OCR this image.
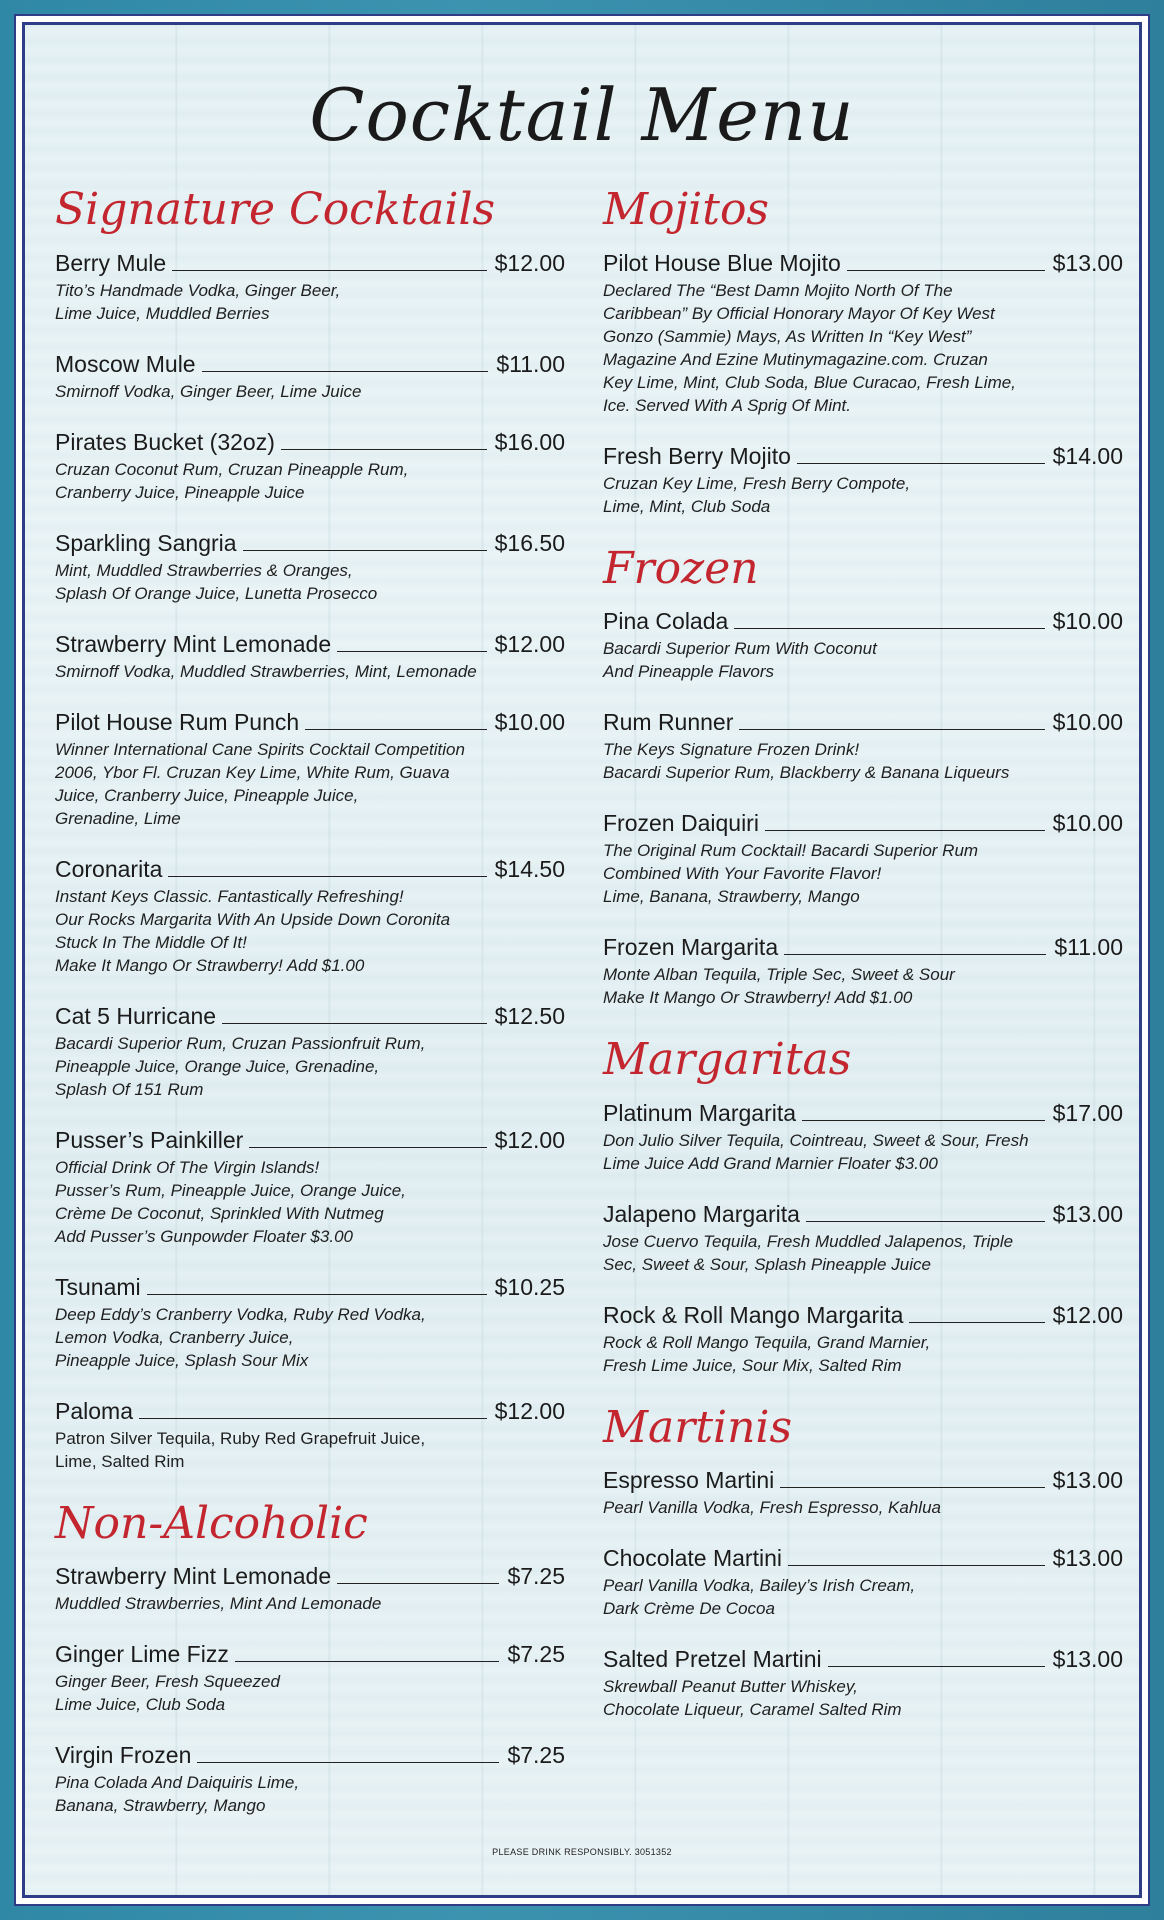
Cocktail Menu
Signature Cocktails
Berry Mule	$12.00
Tito’s Handmade Vodka, Ginger Beer,
Lime Juice, Muddled Berries
Moscow Mule	$11.00
Smirnoff Vodka, Ginger Beer, Lime Juice
Pirates Bucket (32oz)	$16.00
Cruzan Coconut Rum, Cruzan Pineapple Rum,
Cranberry Juice, Pineapple Juice
Sparkling Sangria	$16.50
Mint, Muddled Strawberries & Oranges,
Splash Of Orange Juice, Lunetta Prosecco
Strawberry Mint Lemonade	$12.00
Smirnoff Vodka, Muddled Strawberries, Mint, Lemonade
Pilot House Rum Punch	$10.00
Winner International Cane Spirits Cocktail Competition
2006, Ybor Fl. Cruzan Key Lime, White Rum, Guava
Juice, Cranberry Juice, Pineapple Juice,
Grenadine, Lime
Coronarita	$14.50
Instant Keys Classic. Fantastically Refreshing!
Our Rocks Margarita With An Upside Down Coronita
Stuck In The Middle Of It!
Make It Mango Or Strawberry! Add $1.00
Cat 5 Hurricane	$12.50
Bacardi Superior Rum, Cruzan Passionfruit Rum,
Pineapple Juice, Orange Juice, Grenadine,
Splash Of 151 Rum
Pusser’s Painkiller	$12.00
Official Drink Of The Virgin Islands!
Pusser’s Rum, Pineapple Juice, Orange Juice,
Crème De Coconut, Sprinkled With Nutmeg
Add Pusser’s Gunpowder Floater $3.00
Tsunami	$10.25
Deep Eddy’s Cranberry Vodka, Ruby Red Vodka,
Lemon Vodka, Cranberry Juice,
Pineapple Juice, Splash Sour Mix
Paloma	$12.00
Patron Silver Tequila, Ruby Red Grapefruit Juice,
Lime, Salted Rim
Non-Alcoholic
Strawberry Mint Lemonade	$7.25
Muddled Strawberries, Mint And Lemonade
Ginger Lime Fizz	$7.25
Ginger Beer, Fresh Squeezed
Lime Juice, Club Soda
Virgin Frozen	$7.25
Pina Colada And Daiquiris Lime,
Banana, Strawberry, Mango
Mojitos
Pilot House Blue Mojito	$13.00
Declared The “Best Damn Mojito North Of The
Caribbean” By Official Honorary Mayor Of Key West
Gonzo (Sammie) Mays, As Written In “Key West”
Magazine And Ezine Mutinymagazine.com. Cruzan
Key Lime, Mint, Club Soda, Blue Curacao, Fresh Lime,
Ice. Served With A Sprig Of Mint.
Fresh Berry Mojito	$14.00
Cruzan Key Lime, Fresh Berry Compote,
Lime, Mint, Club Soda
Frozen
Pina Colada	$10.00
Bacardi Superior Rum With Coconut
And Pineapple Flavors
Rum Runner	$10.00
The Keys Signature Frozen Drink!
Bacardi Superior Rum, Blackberry & Banana Liqueurs
Frozen Daiquiri	$10.00
The Original Rum Cocktail! Bacardi Superior Rum
Combined With Your Favorite Flavor!
Lime, Banana, Strawberry, Mango
Frozen Margarita	$11.00
Monte Alban Tequila, Triple Sec, Sweet & Sour
Make It Mango Or Strawberry! Add $1.00
Margaritas
Platinum Margarita	$17.00
Don Julio Silver Tequila, Cointreau, Sweet & Sour, Fresh
Lime Juice Add Grand Marnier Floater $3.00
Jalapeno Margarita	$13.00
Jose Cuervo Tequila, Fresh Muddled Jalapenos, Triple
Sec, Sweet & Sour, Splash Pineapple Juice
Rock & Roll Mango Margarita	$12.00
Rock & Roll Mango Tequila, Grand Marnier,
Fresh Lime Juice, Sour Mix, Salted Rim
Martinis
Espresso Martini	$13.00
Pearl Vanilla Vodka, Fresh Espresso, Kahlua
Chocolate Martini	$13.00
Pearl Vanilla Vodka, Bailey’s Irish Cream,
Dark Crème De Cocoa
Salted Pretzel Martini	$13.00
Skrewball Peanut Butter Whiskey,
Chocolate Liqueur, Caramel Salted Rim
PLEASE DRINK RESPONSIBLY. 3051352
